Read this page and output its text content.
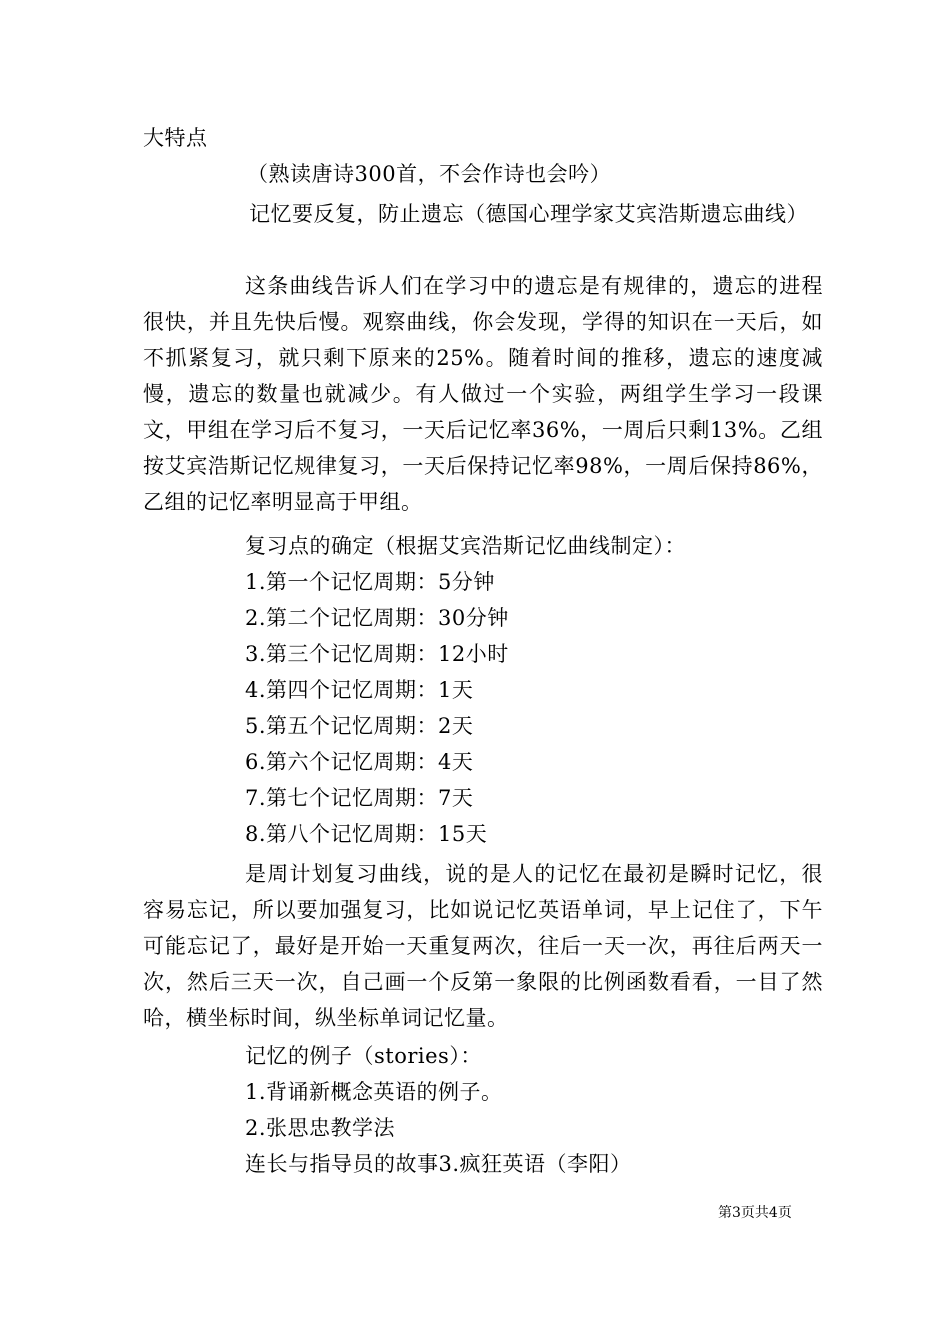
大特点
（熟读唐诗300首，不会作诗也会吟）

记忆要反复，防止遗忘（德国心理学家艾宾浩斯遗忘曲线）

这条曲线告诉人们在学习中的遗忘是有规律的，遗忘的进程很快，并且先快后慢。观察曲线，你会发现，学得的知识在一天后，如不抓紧复习，就只剩下原来的25%。随着时间的推移，遗忘的速度减慢，遗忘的数量也就减少。有人做过一个实验，两组学生学习一段课文，甲组在学习后不复习，一天后记忆率36%，一周后只剩13%。乙组按艾宾浩斯记忆规律复习，一天后保持记忆率98%，一周后保持86%，乙组的记忆率明显高于甲组。

复习点的确定（根据艾宾浩斯记忆曲线制定）：
1.第一个记忆周期：5分钟
2.第二个记忆周期：30分钟
3.第三个记忆周期：12小时
4.第四个记忆周期：1天
5.第五个记忆周期：2天
6.第六个记忆周期：4天
7.第七个记忆周期：7天
8.第八个记忆周期：15天

是周计划复习曲线，说的是人的记忆在最初是瞬时记忆，很容易忘记，所以要加强复习，比如说记忆英语单词，早上记住了，下午可能忘记了，最好是开始一天重复两次，往后一天一次，再往后两天一次，然后三天一次，自己画一个反第一象限的比例函数看看，一目了然哈，横坐标时间，纵坐标单词记忆量。

记忆的例子（stories）：
1.背诵新概念英语的例子。
2.张思忠教学法
连长与指导员的故事3.疯狂英语（李阳）
第3页共4页
